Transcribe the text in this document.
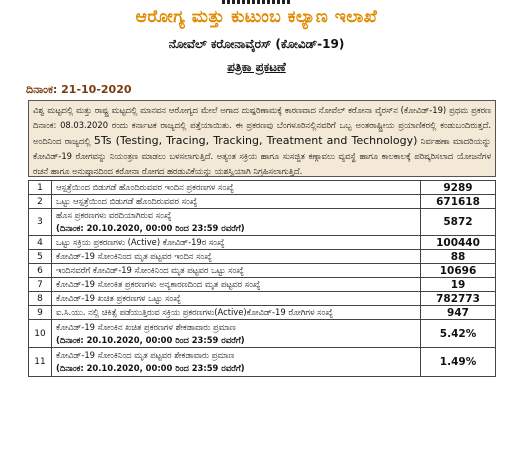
ಆರೋಗ್ಯ ಮತ್ತು ಕುಟುಂಬ ಕಲ್ಯಾಣ ಇಲಾಖೆ
ನೋವೆಲ್ ಕರೋನಾವೈರಸ್ (ಕೋವಿಡ್-19)
ಪತ್ರಿಕಾ ಪ್ರಕಟಣೆ
ದಿನಾಂಕ: 21-10-2020
ವಿಶ್ವ ಮಟ್ಟದಲ್ಲಿ ಮತ್ತು ರಾಷ್ಟ್ರ ಮಟ್ಟದಲ್ಲಿ ಮಾನವನ ಆರೋಗ್ಯದ ಮೇಲೆ ಅಗಾದ ದುಷ್ಪರಿಣಾಮಕ್ಕೆ ಕಾರಣವಾದ ನೋವೆಲ್ ಕರೋನಾ ವೈರಸ್‌ನ (ಕೋವಿಡ್-19) ಪ್ರಥಮ ಪ್ರಕರಣ ದಿನಾಂಕ: 08.03.2020 ರಂದು ಕರ್ನಾಟಕ ರಾಜ್ಯದಲ್ಲಿ ಪತ್ತೆಯಾಯಿತು. ಈ ಪ್ರಕರಣವು ಬೆಂಗಳೂರಿನಲ್ಲಿನವರಿಗೆ ಒಬ್ಬ ಅಂತರಾಷ್ಟ್ರೀಯ ಪ್ರಯಾಣಿಕರಲ್ಲಿ ಕಂಡುಬಂದಿರುತ್ತದೆ. ಅಂದಿನಿಂದ ರಾಜ್ಯದಲ್ಲಿ 5Ts (Testing, Tracing, Tracking, Treatment and Technology) ನಿರ್ವಹಣಾ ಮಾದರಿಯನ್ನು ಕೋವಿಡ್-19 ರೋಗವನ್ನು ನಿಯಂತ್ರಣ ಮಾಡಲು ಬಳಸಲಾಗುತ್ತಿದೆ. ಅತ್ಯಂತ ಸಕ್ರಿಯ ಹಾಗೂ ಸುಸಜ್ಜಿತ ಕಣ್ಗಾವಲು ವ್ಯವಸ್ಥೆ ಹಾಗೂ ಕಾಲಕಾಲಕ್ಕೆ ಪರಿಷ್ಕರಿಸಲಾದ ಯೋಜನೆಗಳ ರಚನೆ ಹಾಗೂ ಅನುಷ್ಠಾನದಿಂದ ಕರೋನಾ ರೋಗದ ಹರಡುವಿಕೆಯನ್ನು ಯಶಸ್ವಿಯಾಗಿ ನಿಗ್ರಹಿಸಲಾಗುತ್ತಿದೆ.
1	ಆಸ್ಪತ್ರೆಯಿಂದ ಬಿಡುಗಡೆ ಹೊಂದಿರುವವರ ಇಂದಿನ ಪ್ರಕರಣಗಳ ಸಂಖ್ಯೆ	9289
2	ಒಟ್ಟು ಆಸ್ಪತ್ರೆಯಿಂದ ಬಿಡುಗಡೆ ಹೊಂದಿರುವವರ ಸಂಖ್ಯೆ	671618
3	ಹೊಸ ಪ್ರಕರಣಗಳು ವರದಿಯಾಗಿರುವ ಸಂಖ್ಯೆ
(ದಿನಾಂಕ: 20.10.2020, 00:00 ರಿಂದ 23:59 ರವರೆಗೆ)	5872
4	ಒಟ್ಟು ಸಕ್ರಿಯ ಪ್ರಕರಣಗಳು (Active) ಕೋವಿಡ್-19ರ ಸಂಖ್ಯೆ	100440
5	ಕೋವಿಡ್-19 ಸೋಂಕಿನಿಂದ ಮೃತ ಪಟ್ಟವರ ಇಂದಿನ ಸಂಖ್ಯೆ	88
6	ಇಂದಿನವರೆಗೆ ಕೋವಿಡ್-19 ಸೋಂಕಿನಿಂದ ಮೃತ ಪಟ್ಟವರ ಒಟ್ಟು ಸಂಖ್ಯೆ	10696
7	ಕೋವಿಡ್-19 ಸೋಂಕಿತ ಪ್ರಕರಣಗಳು ಅನ್ಯಕಾರಣದಿಂದ ಮೃತ ಪಟ್ಟವರ ಸಂಖ್ಯೆ	19
8	ಕೋವಿಡ್-19 ಖಚಿತ ಪ್ರಕರಣಗಳ ಒಟ್ಟು ಸಂಖ್ಯೆ	782773
9	ಐ.ಸಿ.ಯು. ನಲ್ಲಿ ಚಿಕಿತ್ಸೆ ಪಡೆಯುತ್ತಿರುವ ಸಕ್ರಿಯ ಪ್ರಕರಣಗಳು(Active)ಕೋವಿಡ್-19 ರೋಗಿಗಳ ಸಂಖ್ಯೆ	947
10	ಕೋವಿಡ್-19 ಸೋಂಕಿನ ಖಚಿತ ಪ್ರಕರಣಗಳ ಶೇಕಡಾವಾರು ಪ್ರಮಾಣ
(ದಿನಾಂಕ: 20.10.2020, 00:00 ರಿಂದ 23:59 ರವರೆಗೆ)	5.42%
11	ಕೋವಿಡ್-19 ಸೋಂಕಿನಿಂದ ಮೃತ ಪಟ್ಟವರ ಶೇಕಡಾವಾರು ಪ್ರಮಾಣ
(ದಿನಾಂಕ: 20.10.2020, 00:00 ರಿಂದ 23:59 ರವರೆಗೆ)	1.49%
